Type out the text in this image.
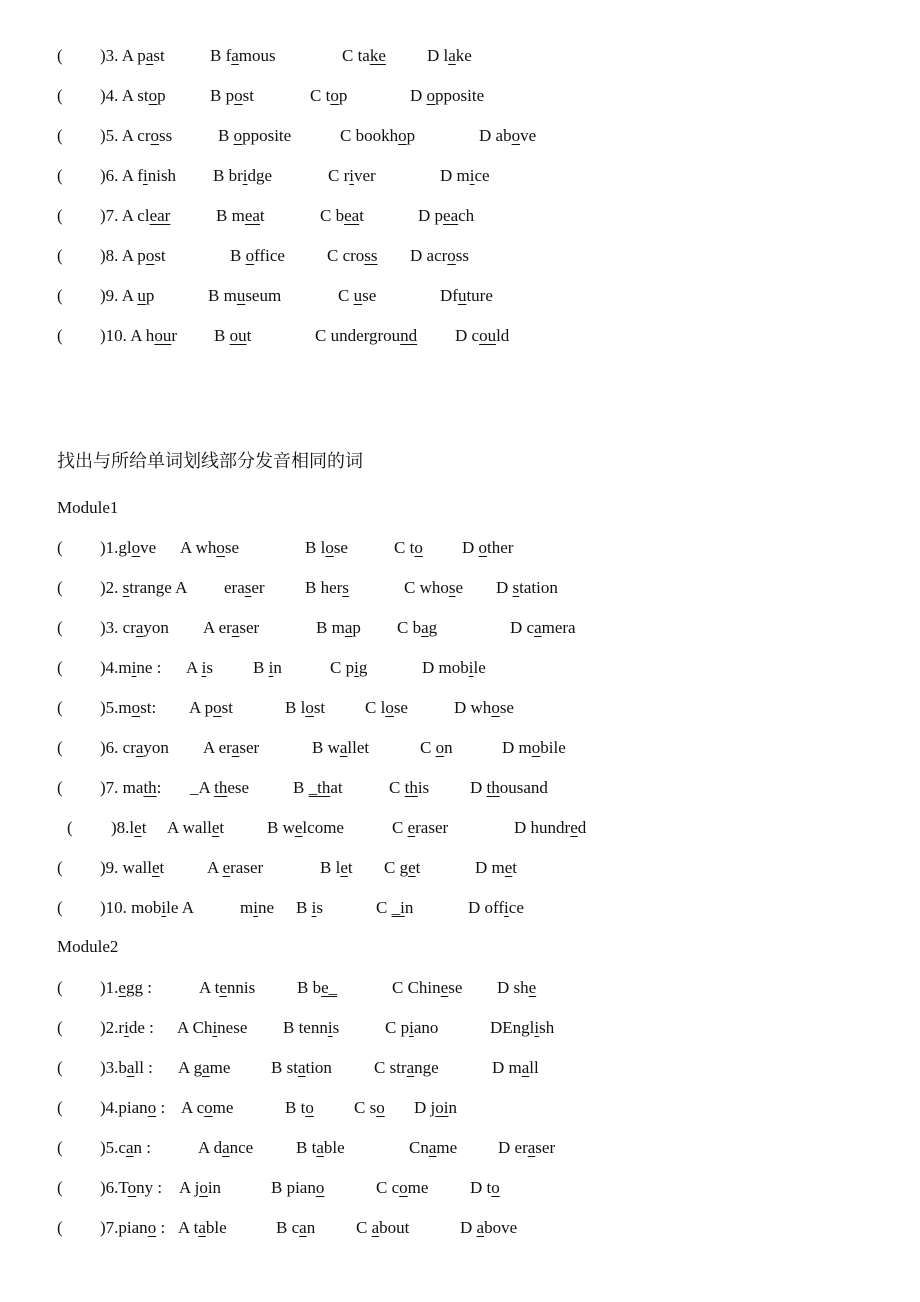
( )3. A past	B famous	C take D lake
( )4. A stop	B post	C top	D opposite
( )5. A cross	B opposite	C bookhop	D above
( )6. A finish B bridge	C river	D mice
( )7. A clear	B meat	C beat	D peach
( )8. A post	B office C cross D across
( )9. A up	B museum	C use	Dfuture
( )10. A hour B out	C underground D could
( )1.glove A whose	B lose	C to D other
( )2. strange A eraser B hers	C whose D station
( )3. crayon A eraser	B map C bag	D camera
( )4.mine : A is B in	C pig	D mobile
( )5.most: A post	B lost C lose	D whose
( )6. crayon A eraser	B wallet	C on	D mobile
( )7. math: _A these	B _that	C this D thousand
( )8.let A wallet	B welcome	C eraser	D hundred
( )9. wallet	A eraser	B let C get	D met
( )10. mobile A	mine B is	C _in	D office
( )1.egg :	A tennis B be_	C Chinese D she
( )2.ride : A Chinese B tennis	C piano	DEnglish
( )3.ball : A game B station C strange	D mall
( )4.piano : A come	B to C so D join
( )5.can :	A dance	B table	Cname D eraser
( )6.Tony : A join	B piano	C come D to
( )7.piano : A table	B can C about	D above
找出与所给单词划线部分发音相同的词
Module1
Module2
